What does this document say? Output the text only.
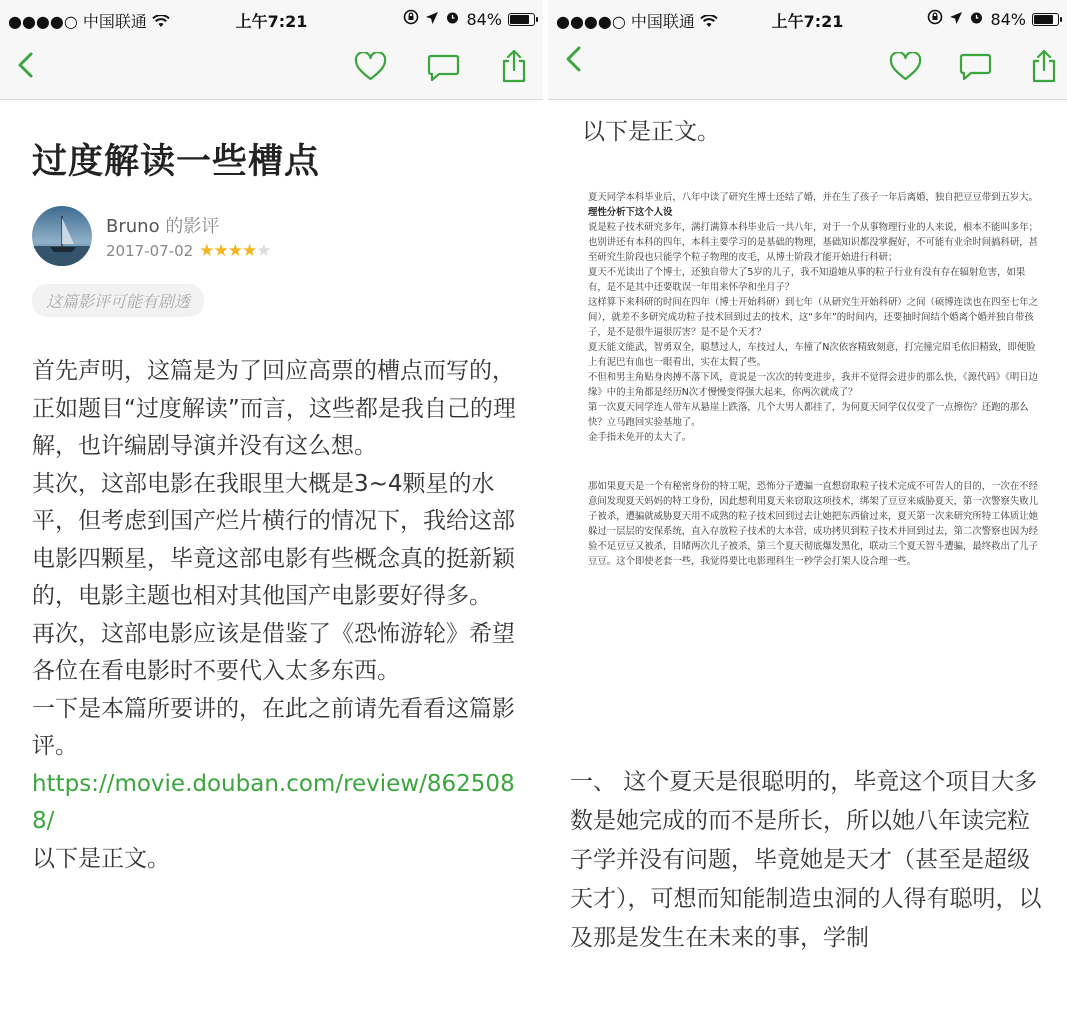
●●●●○ 中国联通	上午7:21	84%
过度解读一些槽点
Bruno 的影评
2017-07-02 ★★★★★
这篇影评可能有剧透

首先声明，这篇是为了回应高票的槽点而写的，正如题目“过度解读”而言，这些都是我自己的理解，也许编剧导演并没有这么想。

其次，这部电影在我眼里大概是3~4颗星的水平，但考虑到国产烂片横行的情况下，我给这部电影四颗星，毕竟这部电影有些概念真的挺新颖的，电影主题也相对其他国产电影要好得多。

再次，这部电影应该是借鉴了《恐怖游轮》希望各位在看电影时不要代入太多东西。

一下是本篇所要讲的，在此之前请先看看这篇影评。

https://movie.douban.com/review/8625088/

以下是正文。

●●●●○ 中国联通	上午7:21	84%
以下是正文。

夏天同学本科毕业后，八年中读了研究生博士还结了婚，并在生了孩子一年后离婚，独自把豆豆带到五岁大。

理性分析下这个人设

说是粒子技术研究多年，满打满算本科毕业后一共八年，对于一个从事物理行业的人来说，根本不能叫多年；

也别讲还有本科的四年，本科主要学习的是基础的物理，基础知识都没掌握好，不可能有业余时间搞科研，甚至研究生阶段也只能学个粒子物理的皮毛，从博士阶段才能开始进行科研；

夏天不光读出了个博士，还独自带大了5岁的儿子，我不知道她从事的粒子行业有没有存在辐射危害，如果有，是不是其中还要耽误一年用来怀孕和坐月子？

这样算下来科研的时间在四年（博士开始科研）到七年（从研究生开始科研）之间（硕博连读也在四至七年之间），就差不多研究成功粒子技术回到过去的技术，这“多年”的时间内，还要抽时间结个婚离个婚并独自带孩子，是不是很牛逼很厉害？是不是个天才？

夏天能文能武，智勇双全，聪慧过人，车技过人，车撞了N次依容精致刻意，打完撞完眉毛依旧精致，即便脸上有泥巴有血也一眼看出，实在太假了些。

不但和男主角贴身肉搏不落下风，竟说是一次次的转变进步，我并不觉得会进步的那么快，《源代码》《明日边缘》中的主角都是经历N次才慢慢变得强大起来，你两次就成了？

第一次夏天同学连人带车从悬崖上跌落，几个大男人都挂了，为何夏天同学仅仅受了一点擦伤？还跑的那么快？立马跑回实验基地了。

金手指未免开的太大了。

那如果夏天是一个有秘密身份的特工呢，恐怖分子遭骗一直想窃取粒子技术完成不可告人的目的，一次在不经意间发现夏天妈妈的特工身份，因此想利用夏天来窃取这项技术，绑架了豆豆来威胁夏天，第一次警察失败儿子被杀，遭骗就威胁夏天用不成熟的粒子技术回到过去让她把东西偷过来，夏天第一次来研究所特工体质让她躲过一层层的安保系统，直入存放粒子技术的大本营，成功拷贝到粒子技术并回到过去，第二次警察也因为经验不足豆豆又被杀，目睹两次儿子被杀，第三个夏天彻底爆发黑化，联动三个夏天智斗遭骗，最终救出了儿子豆豆。这个即使老套一些，我觉得要比电影理科生一秒学会打架人设合理一些。

一、 这个夏天是很聪明的，毕竟这个项目大多数是她完成的而不是所长，所以她八年读完粒子学并没有问题，毕竟她是天才（甚至是超级天才），可想而知能制造虫洞的人得有聪明，以及那是发生在未来的事，学制
